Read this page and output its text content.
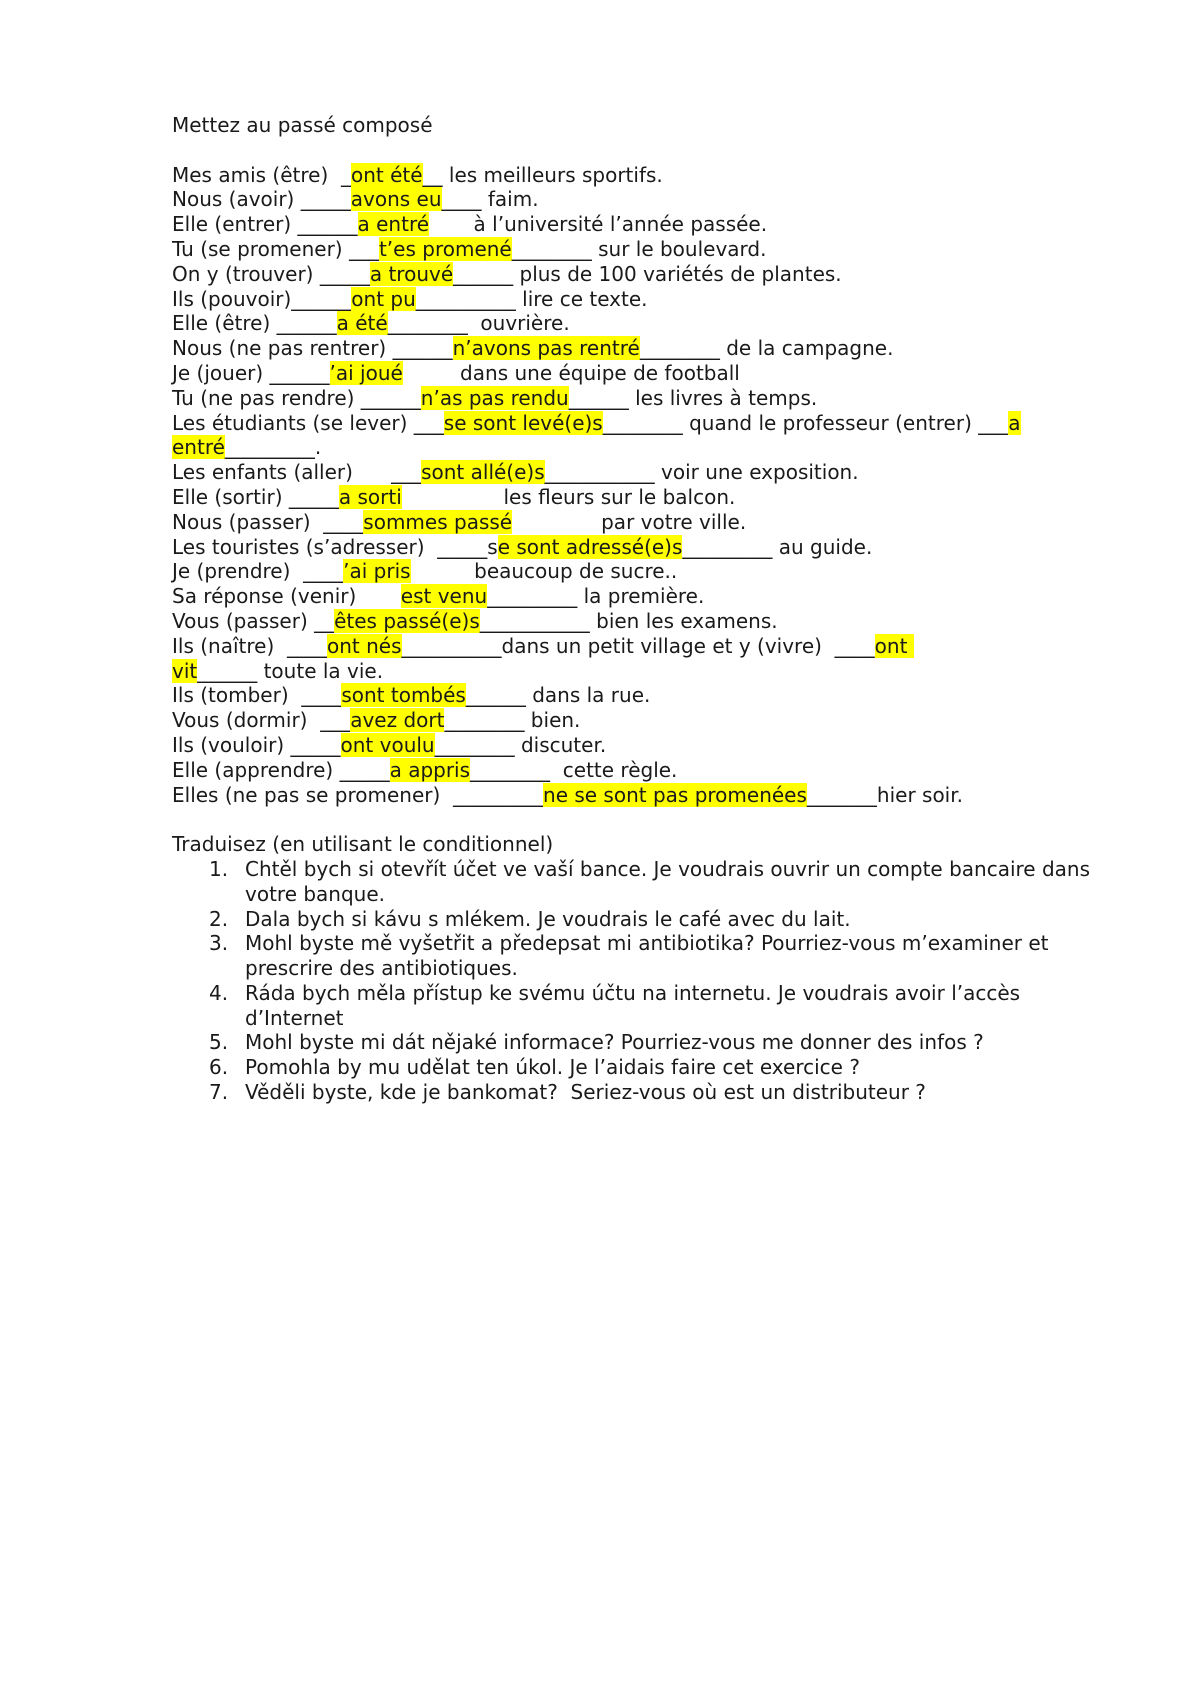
Mettez au passé composé
Mes amis (être)  _ont été__ les meilleurs sportifs.
Nous (avoir) _____avons eu____ faim.
Elle (entrer) ______a entré       à l’université l’année passée.
Tu (se promener) ___t’es promené________ sur le boulevard.
On y (trouver) _____a trouvé______ plus de 100 variétés de plantes.
Ils (pouvoir)______ont pu__________ lire ce texte.
Elle (être) ______a été________  ouvrière.
Nous (ne pas rentrer) ______n’avons pas rentré________ de la campagne.
Je (jouer) ______’ai joué         dans une équipe de football
Tu (ne pas rendre) ______n’as pas rendu______ les livres à temps.
Les étudiants (se lever) ___se sont levé(e)s________ quand le professeur (entrer) ___a
entré_________.
Les enfants (aller)      ___sont allé(e)s___________ voir une exposition.
Elle (sortir) _____a sorti                les fleurs sur le balcon.
Nous (passer)  ____sommes passé              par votre ville.
Les touristes (s’adresser)  _____se sont adressé(e)s_________ au guide.
Je (prendre)  ____’ai pris          beaucoup de sucre..
Sa réponse (venir)       est venu_________ la première.
Vous (passer) __êtes passé(e)s___________ bien les examens.
Ils (naître)  ____ont nés__________dans un petit village et y (vivre)  ____ont
vit______ toute la vie.
Ils (tomber)  ____sont tombés______ dans la rue.
Vous (dormir)  ___avez dort________ bien.
Ils (vouloir) _____ont voulu________ discuter.
Elle (apprendre) _____a appris________  cette règle.
Elles (ne pas se promener)  _________ne se sont pas promenées_______hier soir.
Traduisez (en utilisant le conditionnel)
1. Chtěl bych si otevřít účet ve vaší bance. Je voudrais ouvrir un compte bancaire dans votre banque.
2. Dala bych si kávu s mlékem. Je voudrais le café avec du lait.
3. Mohl byste mě vyšetřit a předepsat mi antibiotika? Pourriez-vous m’examiner et prescrire des antibiotiques.
4. Ráda bych měla přístup ke svému účtu na internetu. Je voudrais avoir l’accès d’Internet
5. Mohl byste mi dát nějaké informace? Pourriez-vous me donner des infos ?
6. Pomohla by mu udělat ten úkol. Je l’aidais faire cet exercice ?
7. Věděli byste, kde je bankomat?  Seriez-vous où est un distributeur ?
